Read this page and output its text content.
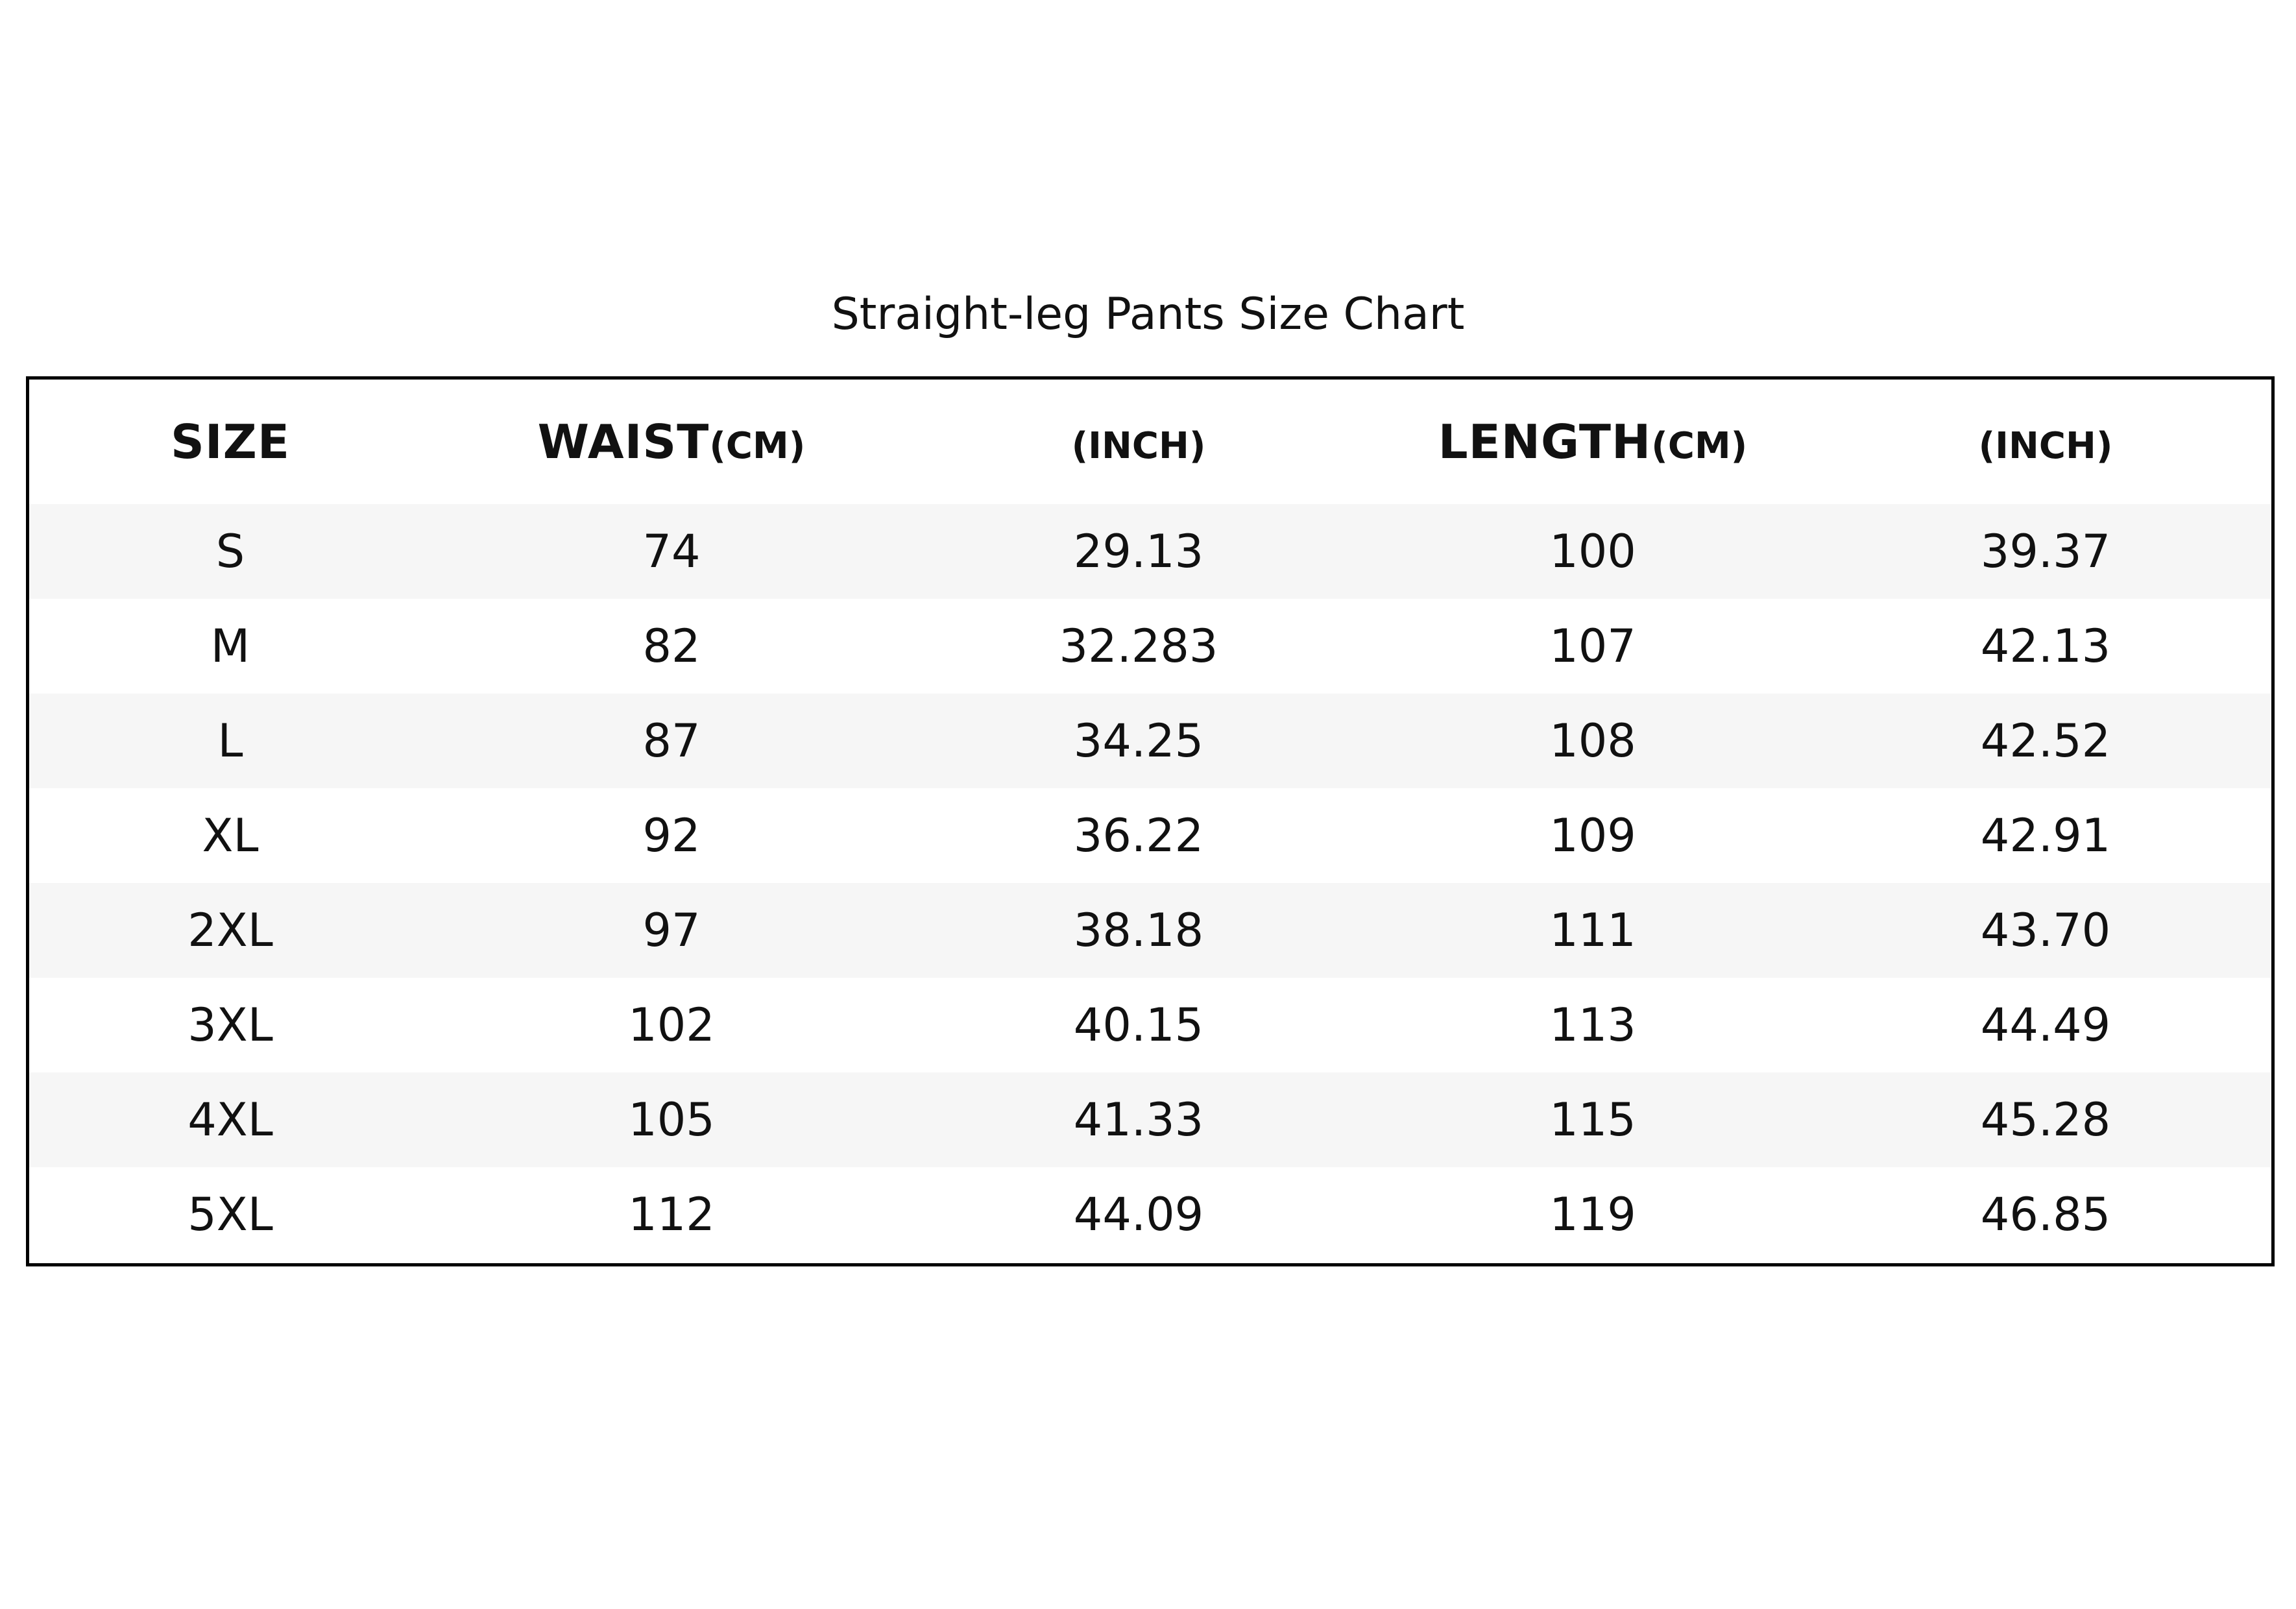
Straight-leg Pants Size Chart
SIZE	WAIST(CM)	(INCH)	LENGTH(CM)	(INCH)
S	74	29.13	100	39.37
M	82	32.283	107	42.13
L	87	34.25	108	42.52
XL	92	36.22	109	42.91
2XL	97	38.18	111	43.70
3XL	102	40.15	113	44.49
4XL	105	41.33	115	45.28
5XL	112	44.09	119	46.85
